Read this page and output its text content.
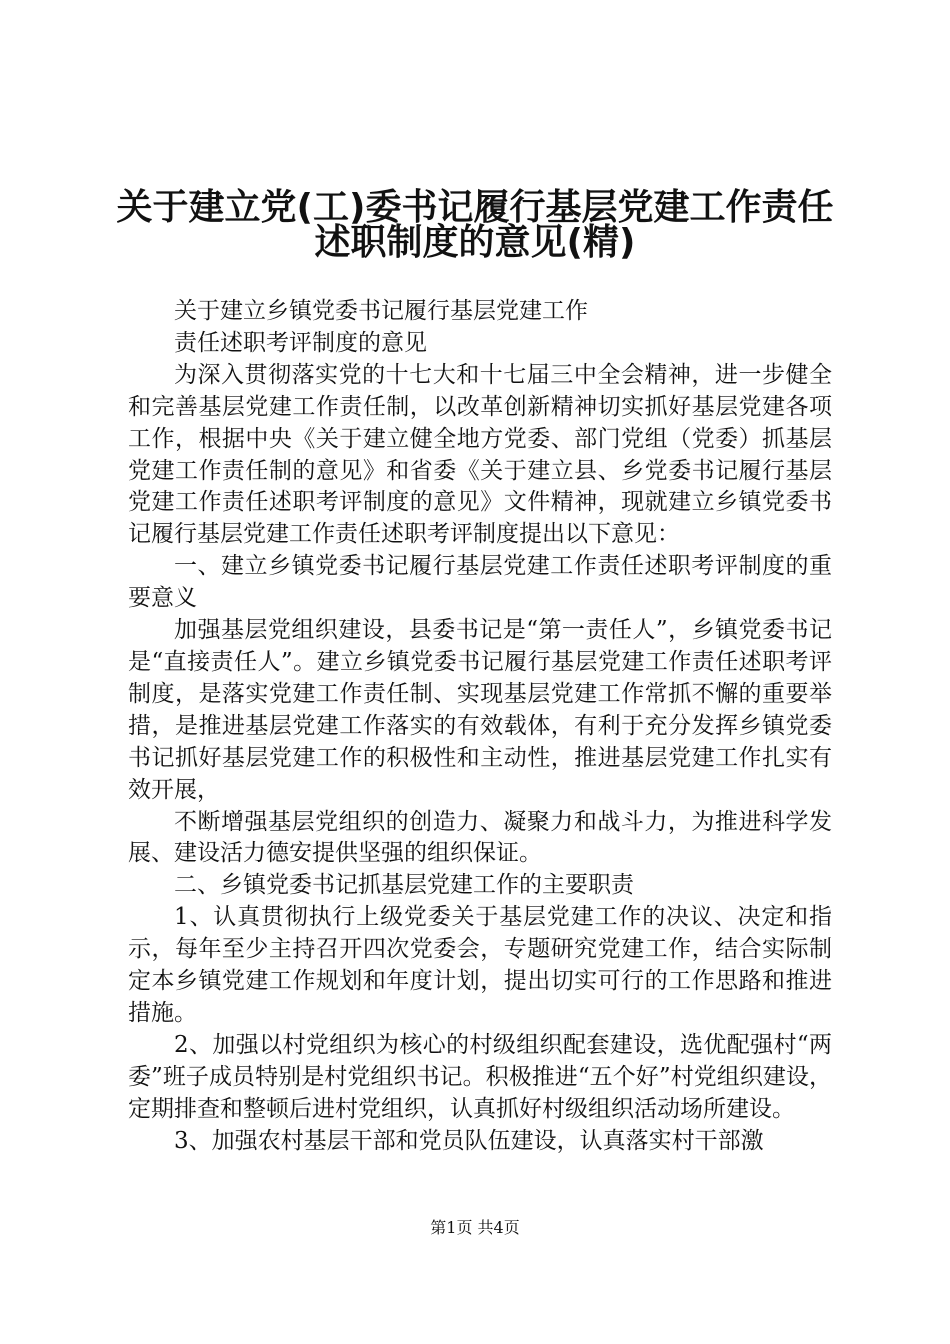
关于建立党(工)委书记履行基层党建工作责任
述职制度的意见(精)

关于建立乡镇党委书记履行基层党建工作

责任述职考评制度的意见

为深入贯彻落实党的十七大和十七届三中全会精神，进一步健全和完善基层党建工作责任制，以改革创新精神切实抓好基层党建各项工作，根据中央《关于建立健全地方党委、部门党组（党委）抓基层党建工作责任制的意见》和省委《关于建立县、乡党委书记履行基层党建工作责任述职考评制度的意见》文件精神，现就建立乡镇党委书记履行基层党建工作责任述职考评制度提出以下意见：

一、建立乡镇党委书记履行基层党建工作责任述职考评制度的重要意义

加强基层党组织建设，县委书记是“第一责任人”，乡镇党委书记是“直接责任人”。建立乡镇党委书记履行基层党建工作责任述职考评制度，是落实党建工作责任制、实现基层党建工作常抓不懈的重要举措，是推进基层党建工作落实的有效载体，有利于充分发挥乡镇党委书记抓好基层党建工作的积极性和主动性，推进基层党建工作扎实有效开展，

不断增强基层党组织的创造力、凝聚力和战斗力，为推进科学发展、建设活力德安提供坚强的组织保证。

二、乡镇党委书记抓基层党建工作的主要职责

1、认真贯彻执行上级党委关于基层党建工作的决议、决定和指示，每年至少主持召开四次党委会，专题研究党建工作，结合实际制定本乡镇党建工作规划和年度计划，提出切实可行的工作思路和推进措施。

2、加强以村党组织为核心的村级组织配套建设，选优配强村“两委”班子成员特别是村党组织书记。积极推进“五个好”村党组织建设，定期排查和整顿后进村党组织，认真抓好村级组织活动场所建设。

3、加强农村基层干部和党员队伍建设，认真落实村干部激

第1页 共4页
